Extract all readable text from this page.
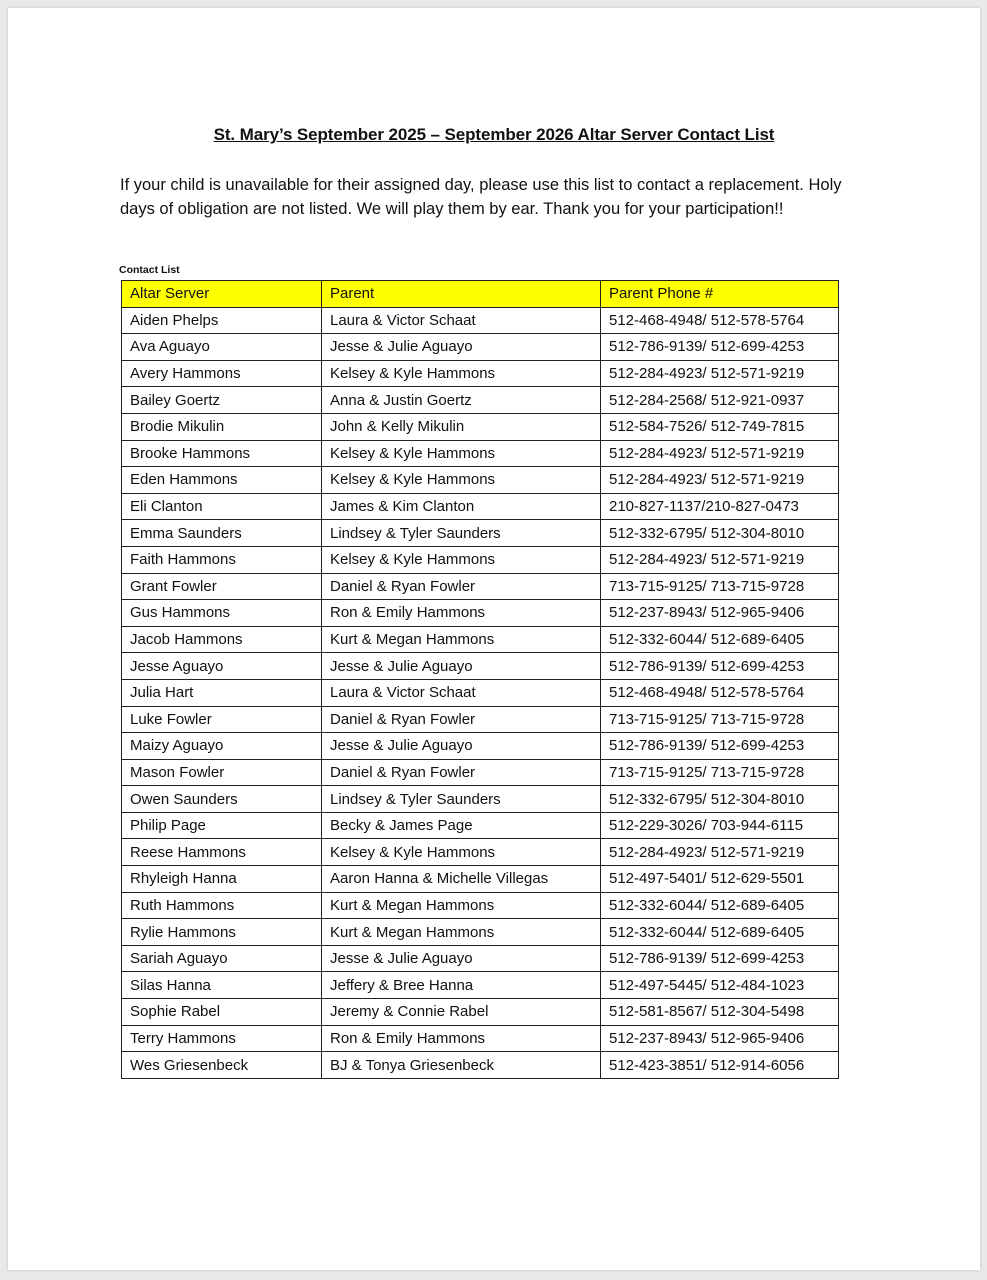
St. Mary’s September 2025 – September 2026 Altar Server Contact List

If your child is unavailable for their assigned day, please use this list to contact a replacement. Holy days of obligation are not listed. We will play them by ear. Thank you for your participation!!

Contact List
Altar Server	Parent	Parent Phone #
Aiden Phelps	Laura & Victor Schaat	512-468-4948/ 512-578-5764
Ava Aguayo	Jesse & Julie Aguayo	512-786-9139/ 512-699-4253
Avery Hammons	Kelsey & Kyle Hammons	512-284-4923/ 512-571-9219
Bailey Goertz	Anna & Justin Goertz	512-284-2568/ 512-921-0937
Brodie Mikulin	John & Kelly Mikulin	512-584-7526/ 512-749-7815
Brooke Hammons	Kelsey & Kyle Hammons	512-284-4923/ 512-571-9219
Eden Hammons	Kelsey & Kyle Hammons	512-284-4923/ 512-571-9219
Eli Clanton	James & Kim Clanton	210-827-1137/210-827-0473
Emma Saunders	Lindsey & Tyler Saunders	512-332-6795/ 512-304-8010
Faith Hammons	Kelsey & Kyle Hammons	512-284-4923/ 512-571-9219
Grant Fowler	Daniel & Ryan Fowler	713-715-9125/ 713-715-9728
Gus Hammons	Ron & Emily Hammons	512-237-8943/ 512-965-9406
Jacob Hammons	Kurt & Megan Hammons	512-332-6044/ 512-689-6405
Jesse Aguayo	Jesse & Julie Aguayo	512-786-9139/ 512-699-4253
Julia Hart	Laura & Victor Schaat	512-468-4948/ 512-578-5764
Luke Fowler	Daniel & Ryan Fowler	713-715-9125/ 713-715-9728
Maizy Aguayo	Jesse & Julie Aguayo	512-786-9139/ 512-699-4253
Mason Fowler	Daniel & Ryan Fowler	713-715-9125/ 713-715-9728
Owen Saunders	Lindsey & Tyler Saunders	512-332-6795/ 512-304-8010
Philip Page	Becky & James Page	512-229-3026/ 703-944-6115
Reese Hammons	Kelsey & Kyle Hammons	512-284-4923/ 512-571-9219
Rhyleigh Hanna	Aaron Hanna & Michelle Villegas	512-497-5401/ 512-629-5501
Ruth Hammons	Kurt & Megan Hammons	512-332-6044/ 512-689-6405
Rylie Hammons	Kurt & Megan Hammons	512-332-6044/ 512-689-6405
Sariah Aguayo	Jesse & Julie Aguayo	512-786-9139/ 512-699-4253
Silas Hanna	Jeffery & Bree Hanna	512-497-5445/ 512-484-1023
Sophie Rabel	Jeremy & Connie Rabel	512-581-8567/ 512-304-5498
Terry Hammons	Ron & Emily Hammons	512-237-8943/ 512-965-9406
Wes Griesenbeck	BJ & Tonya Griesenbeck	512-423-3851/ 512-914-6056
